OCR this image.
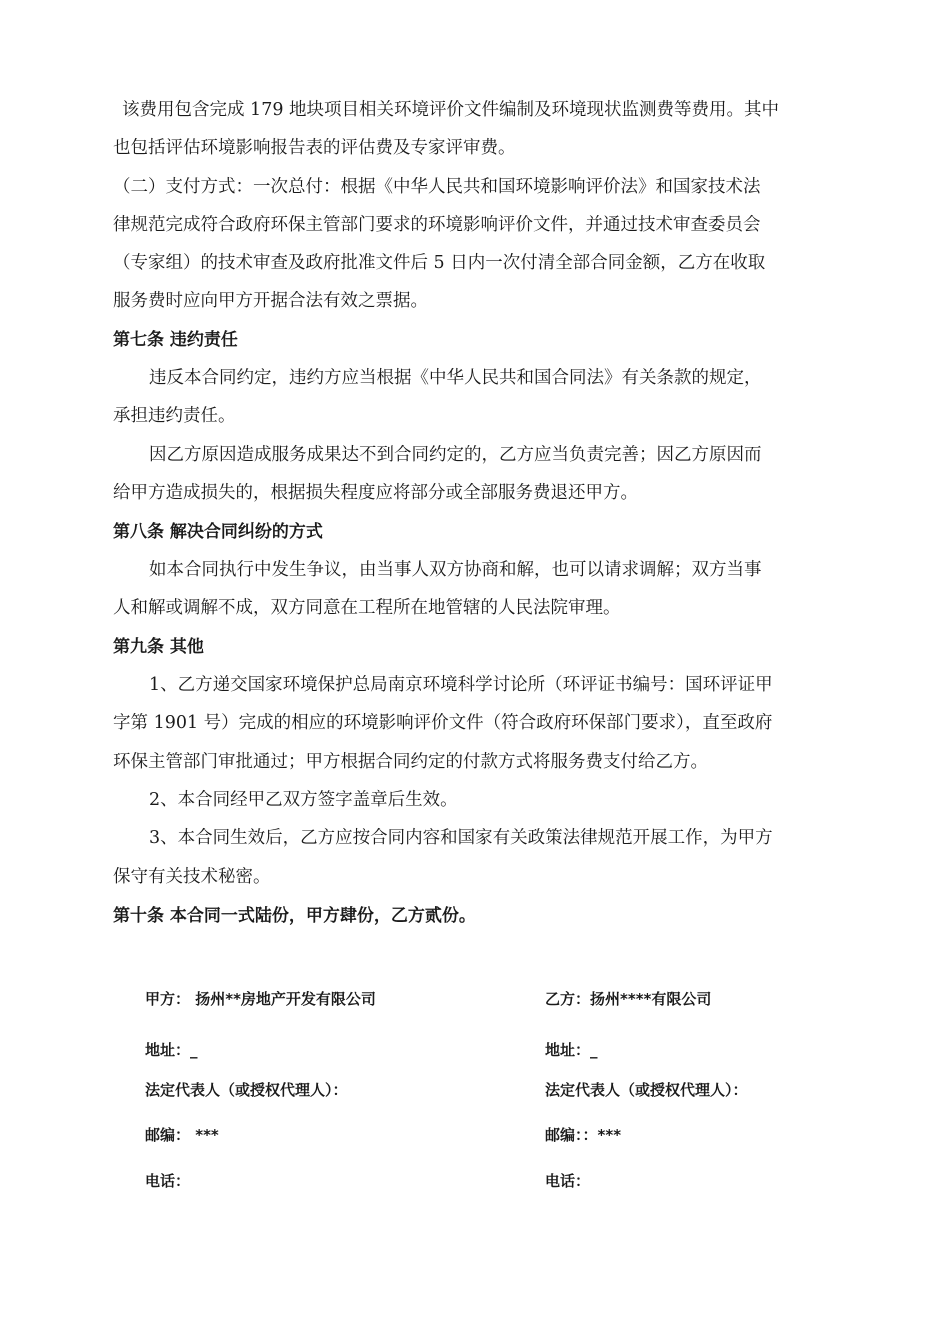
该费用包含完成 179 地块项目相关环境评价文件编制及环境现状监测费等费用。其中
也包括评估环境影响报告表的评估费及专家评审费。
（二）支付方式：一次总付：根据《中华人民共和国环境影响评价法》和国家技术法
律规范完成符合政府环保主管部门要求的环境影响评价文件，并通过技术审查委员会
（专家组）的技术审查及政府批准文件后 5 日内一次付清全部合同金额，乙方在收取
服务费时应向甲方开据合法有效之票据。
第七条 违约责任
违反本合同约定，违约方应当根据《中华人民共和国合同法》有关条款的规定，
承担违约责任。
因乙方原因造成服务成果达不到合同约定的，乙方应当负责完善；因乙方原因而
给甲方造成损失的，根据损失程度应将部分或全部服务费退还甲方。
第八条 解决合同纠纷的方式
如本合同执行中发生争议，由当事人双方协商和解，也可以请求调解；双方当事
人和解或调解不成，双方同意在工程所在地管辖的人民法院审理。
第九条 其他
1、乙方递交国家环境保护总局南京环境科学讨论所（环评证书编号：国环评证甲
字第 1901 号）完成的相应的环境影响评价文件（符合政府环保部门要求），直至政府
环保主管部门审批通过；甲方根据合同约定的付款方式将服务费支付给乙方。
2、本合同经甲乙双方签字盖章后生效。
3、本合同生效后，乙方应按合同内容和国家有关政策法律规范开展工作，为甲方
保守有关技术秘密。
第十条 本合同一式陆份，甲方肆份，乙方贰份。
甲方： 扬州**房地产开发有限公司
地址：_
法定代表人（或授权代理人）：
邮编： ***
电话：
乙方：扬州****有限公司
地址：_
法定代表人（或授权代理人）：
邮编：：***
电话：
